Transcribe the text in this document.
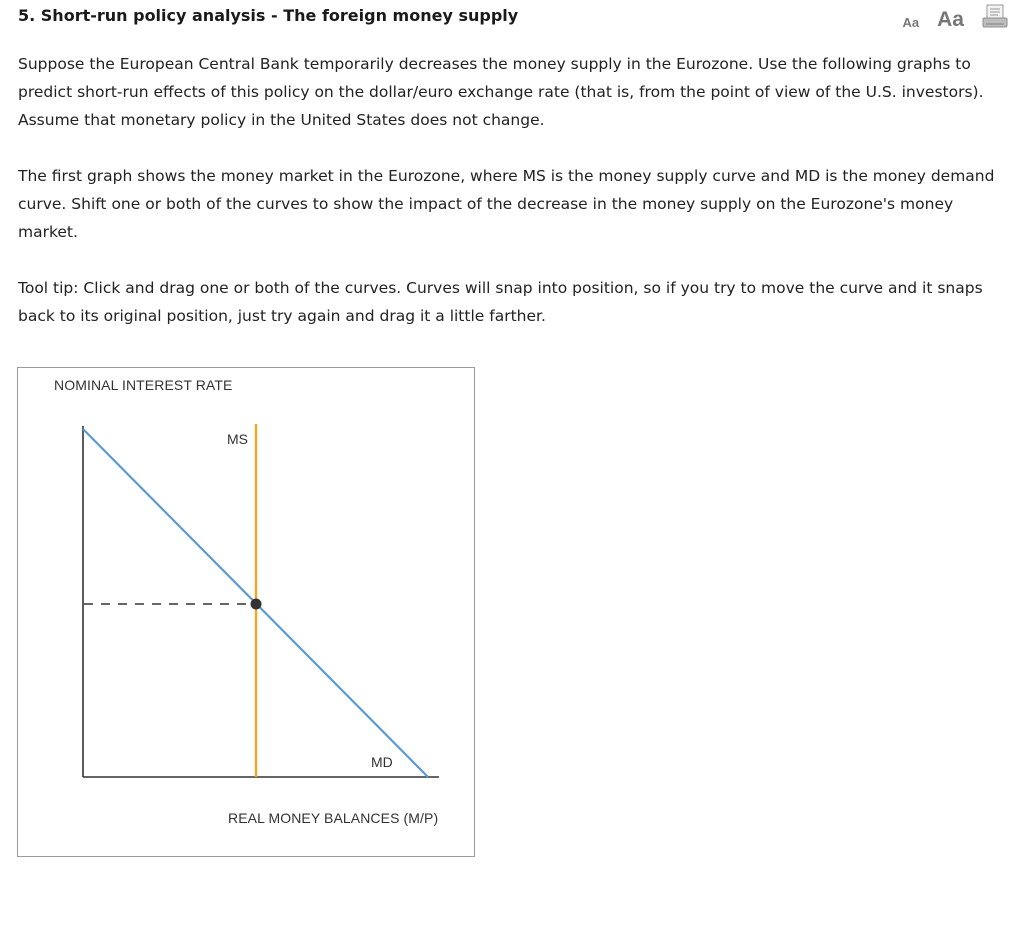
5. Short-run policy analysis - The foreign money supply	Aa Aa

Suppose the European Central Bank temporarily decreases the money supply in the Eurozone. Use the following graphs to predict short-run effects of this policy on the dollar/euro exchange rate (that is, from the point of view of the U.S. investors). Assume that monetary policy in the United States does not change.

The first graph shows the money market in the Eurozone, where MS is the money supply curve and MD is the money demand curve. Shift one or both of the curves to show the impact of the decrease in the money supply on the Eurozone's money market.

Tool tip: Click and drag one or both of the curves. Curves will snap into position, so if you try to move the curve and it snaps back to its original position, just try again and drag it a little farther.

NOMINAL INTEREST RATE
MS
MD
REAL MONEY BALANCES (M/P)
